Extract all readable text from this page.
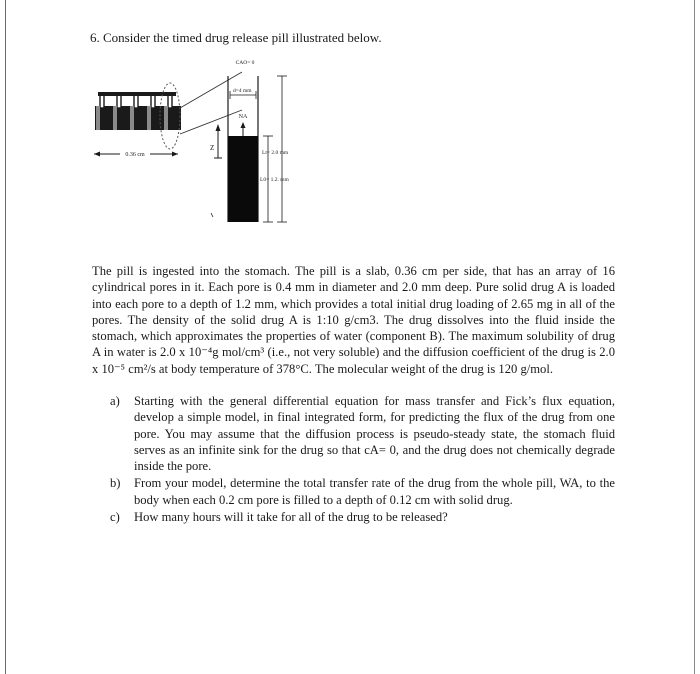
6. Consider the timed drug release pill illustrated below.
0.36 cm
Z
CAO= 0
d=4 mm
NA
Lt= 2.0 mm
L0= 1.2. mm
The pill is ingested into the stomach. The pill is a slab, 0.36 cm per side, that has an array of 16 cylindrical pores in it. Each pore is 0.4 mm in diameter and 2.0 mm deep. Pure solid drug A is loaded into each pore to a depth of 1.2 mm, which provides a total initial drug loading of 2.65 mg in all of the pores. The density of the solid drug A is 1:10 g/cm3. The drug dissolves into the fluid inside the stomach, which approximates the properties of water (component B). The maximum solubility of drug A in water is 2.0 x 10⁻⁴g mol/cm³ (i.e., not very soluble) and the diffusion coefficient of the drug is 2.0 x 10⁻⁵ cm²/s at body temperature of 378°C. The molecular weight of the drug is 120 g/mol.
a)	Starting with the general differential equation for mass transfer and Fick’s flux equation, develop a simple model, in final integrated form, for predicting the flux of the drug from one pore. You may assume that the diffusion process is pseudo-steady state, the stomach fluid serves as an infinite sink for the drug so that cA= 0, and the drug does not chemically degrade inside the pore.
b)	From your model, determine the total transfer rate of the drug from the whole pill, WA, to the body when each 0.2 cm pore is filled to a depth of 0.12 cm with solid drug.
c)	How many hours will it take for all of the drug to be released?
